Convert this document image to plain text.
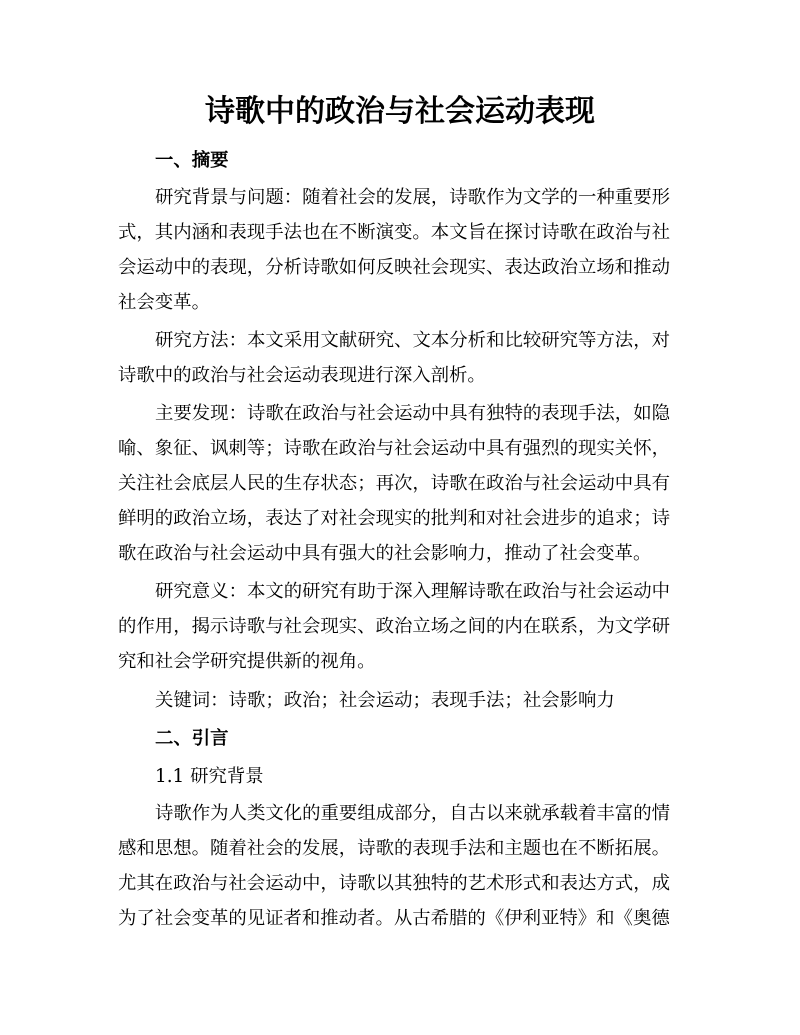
诗歌中的政治与社会运动表现

一、摘要

研究背景与问题：随着社会的发展，诗歌作为文学的一种重要形式，其内涵和表现手法也在不断演变。本文旨在探讨诗歌在政治与社会运动中的表现，分析诗歌如何反映社会现实、表达政治立场和推动社会变革。

研究方法：本文采用文献研究、文本分析和比较研究等方法，对诗歌中的政治与社会运动表现进行深入剖析。

主要发现：诗歌在政治与社会运动中具有独特的表现手法，如隐喻、象征、讽刺等；诗歌在政治与社会运动中具有强烈的现实关怀，关注社会底层人民的生存状态；再次，诗歌在政治与社会运动中具有鲜明的政治立场，表达了对社会现实的批判和对社会进步的追求；诗歌在政治与社会运动中具有强大的社会影响力，推动了社会变革。

研究意义：本文的研究有助于深入理解诗歌在政治与社会运动中的作用，揭示诗歌与社会现实、政治立场之间的内在联系，为文学研究和社会学研究提供新的视角。

关键词：诗歌；政治；社会运动；表现手法；社会影响力

二、引言

1.1 研究背景

诗歌作为人类文化的重要组成部分，自古以来就承载着丰富的情感和思想。随着社会的发展，诗歌的表现手法和主题也在不断拓展。尤其在政治与社会运动中，诗歌以其独特的艺术形式和表达方式，成为了社会变革的见证者和推动者。从古希腊的《伊利亚特》和《奥德
